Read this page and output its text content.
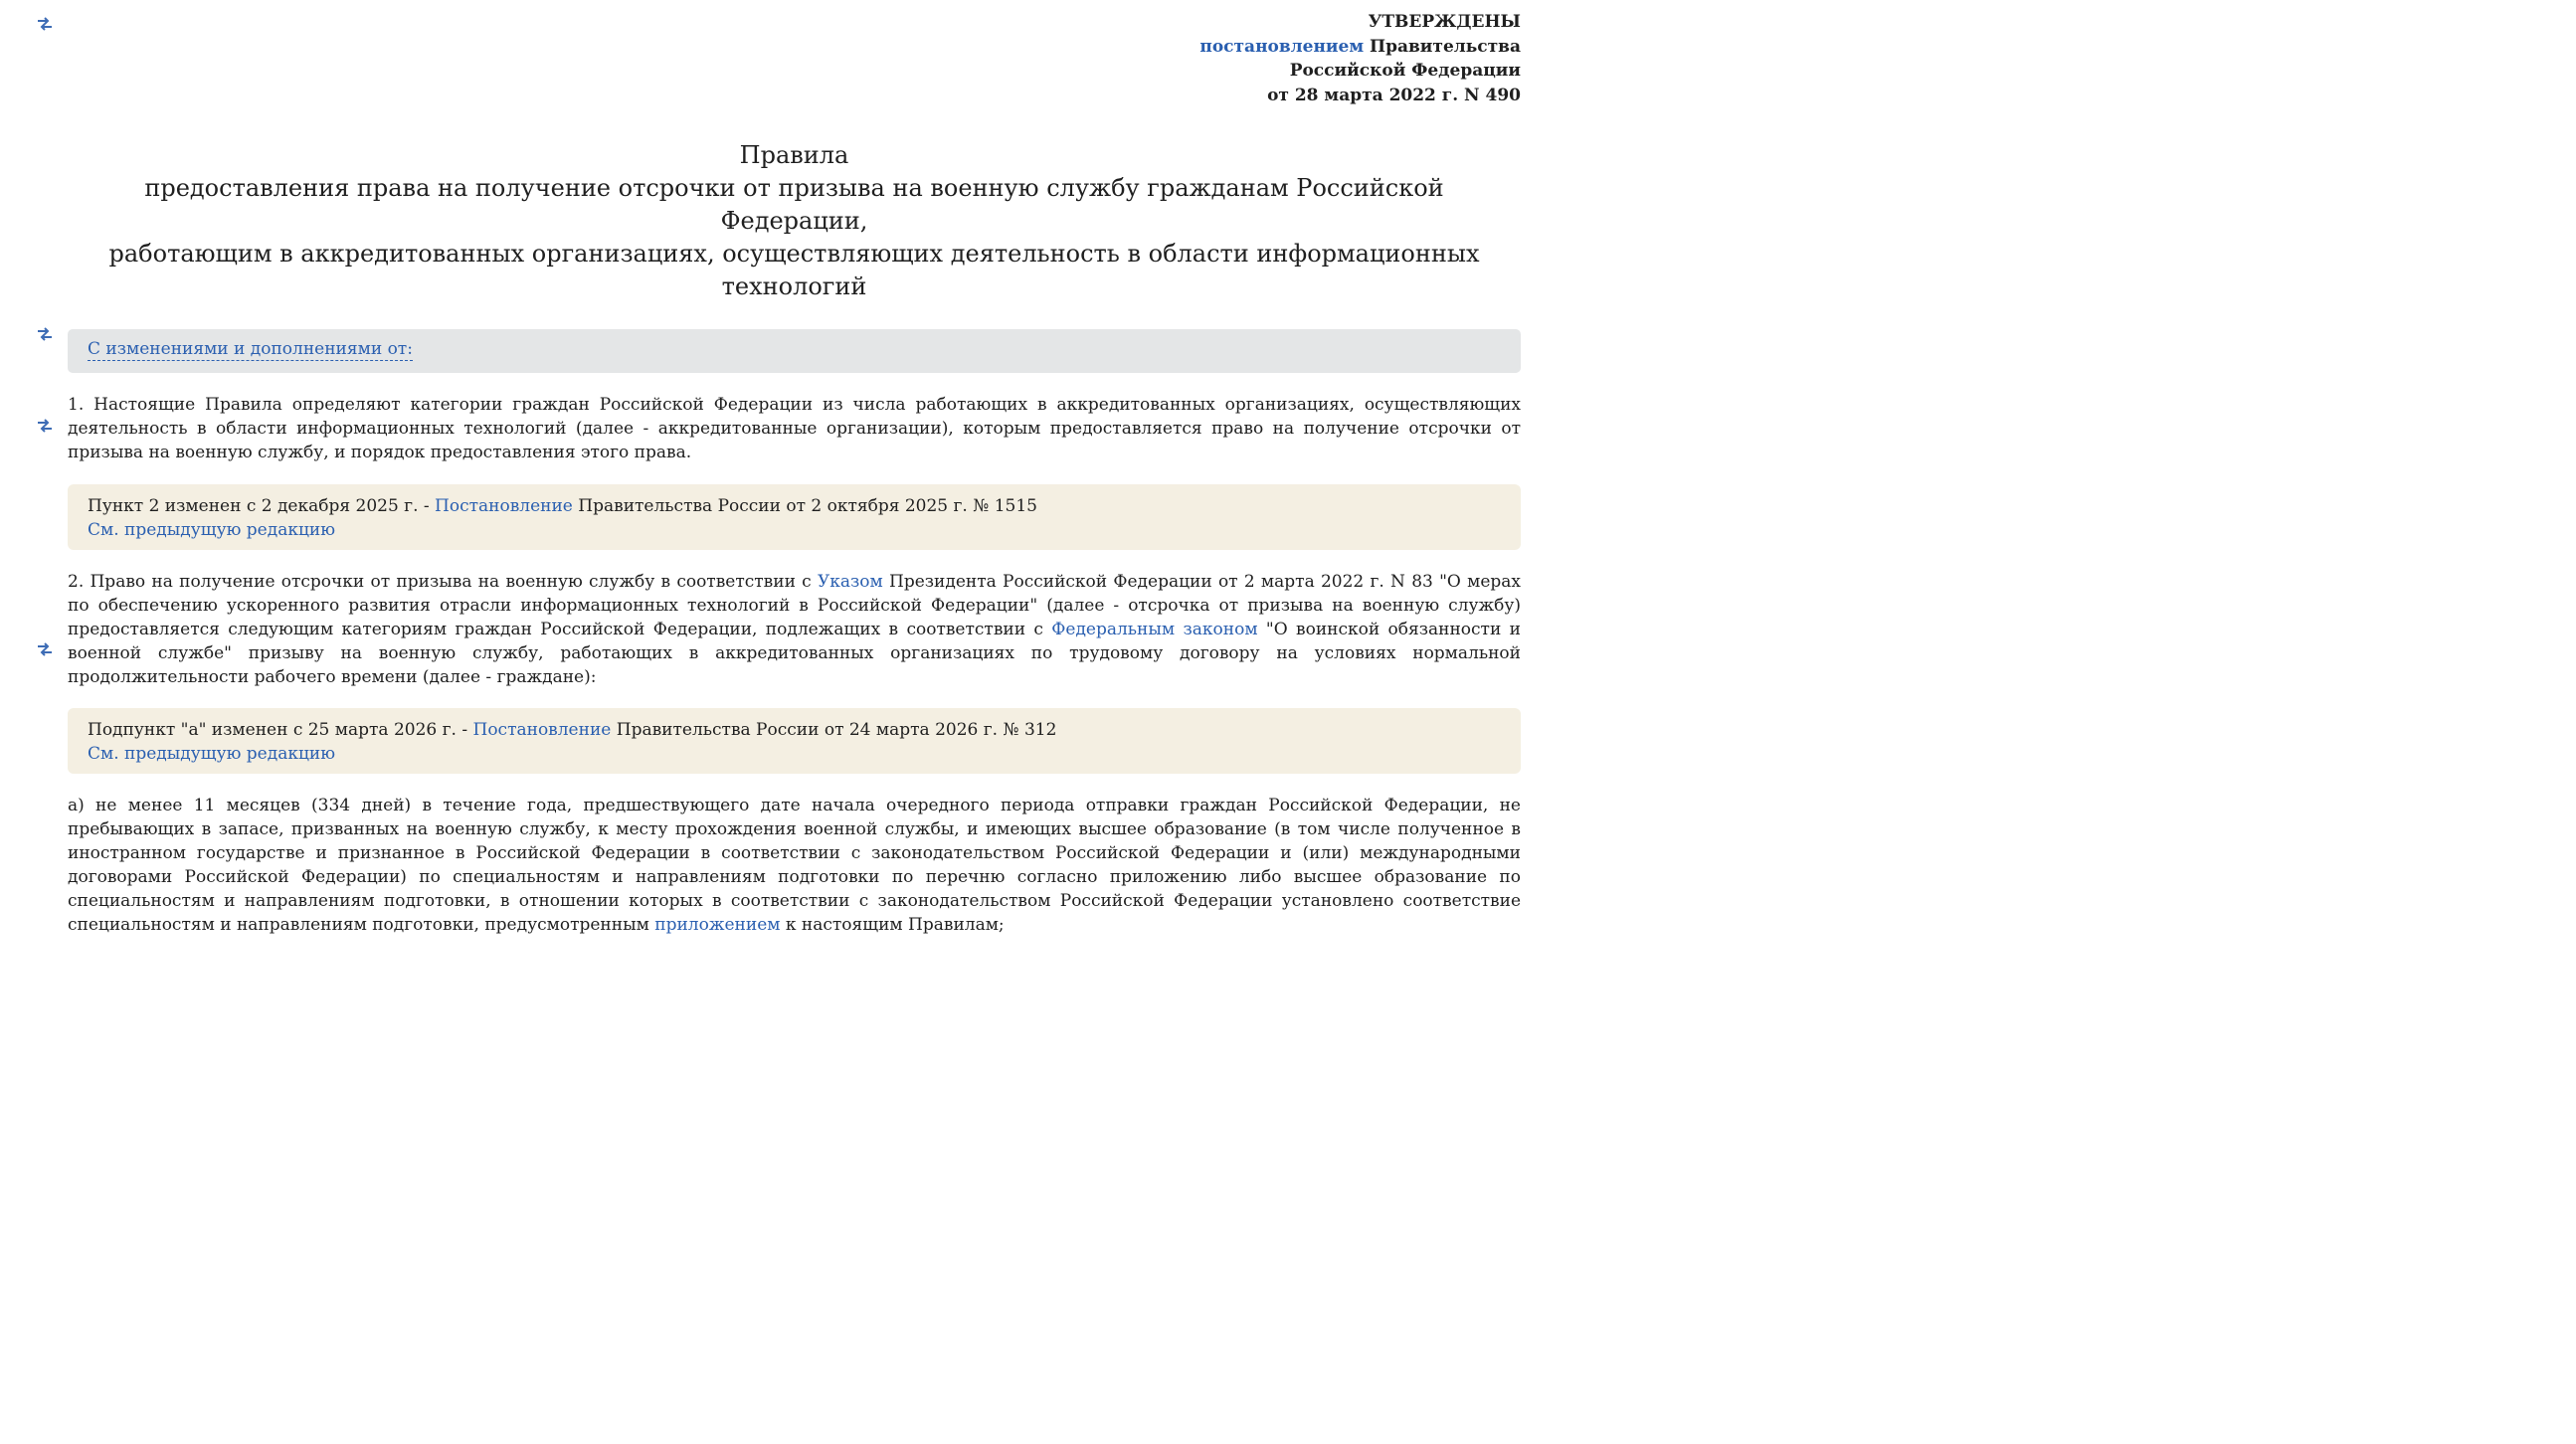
УТВЕРЖДЕНЫ
постановлением Правительства
Российской Федерации
от 28 марта 2022 г. N 490
Правила
предоставления права на получение отсрочки от призыва на военную службу гражданам Российской Федерации,
работающим в аккредитованных организациях, осуществляющих деятельность в области информационных технологий
С изменениями и дополнениями от:

1. Настоящие Правила определяют категории граждан Российской Федерации из числа работающих в аккредитованных организациях, осуществляющих деятельность в области информационных технологий (далее - аккредитованные организации), которым предоставляется право на получение отсрочки от призыва на военную службу, и порядок предоставления этого права.

Пункт 2 изменен с 2 декабря 2025 г. - Постановление Правительства России от 2 октября 2025 г. № 1515
См. предыдущую редакцию

2. Право на получение отсрочки от призыва на военную службу в соответствии с Указом Президента Российской Федерации от 2 марта 2022 г. N 83 "О мерах по обеспечению ускоренного развития отрасли информационных технологий в Российской Федерации" (далее - отсрочка от призыва на военную службу) предоставляется следующим категориям граждан Российской Федерации, подлежащих в соответствии с Федеральным законом "О воинской обязанности и военной службе" призыву на военную службу, работающих в аккредитованных организациях по трудовому договору на условиях нормальной продолжительности рабочего времени (далее - граждане):

Подпункт "а" изменен с 25 марта 2026 г. - Постановление Правительства России от 24 марта 2026 г. № 312
См. предыдущую редакцию

а) не менее 11 месяцев (334 дней) в течение года, предшествующего дате начала очередного периода отправки граждан Российской Федерации, не пребывающих в запасе, призванных на военную службу, к месту прохождения военной службы, и имеющих высшее образование (в том числе полученное в иностранном государстве и признанное в Российской Федерации в соответствии с законодательством Российской Федерации и (или) международными договорами Российской Федерации) по специальностям и направлениям подготовки по перечню согласно приложению либо высшее образование по специальностям и направлениям подготовки, в отношении которых в соответствии с законодательством Российской Федерации установлено соответствие специальностям и направлениям подготовки, предусмотренным приложением к настоящим Правилам;
